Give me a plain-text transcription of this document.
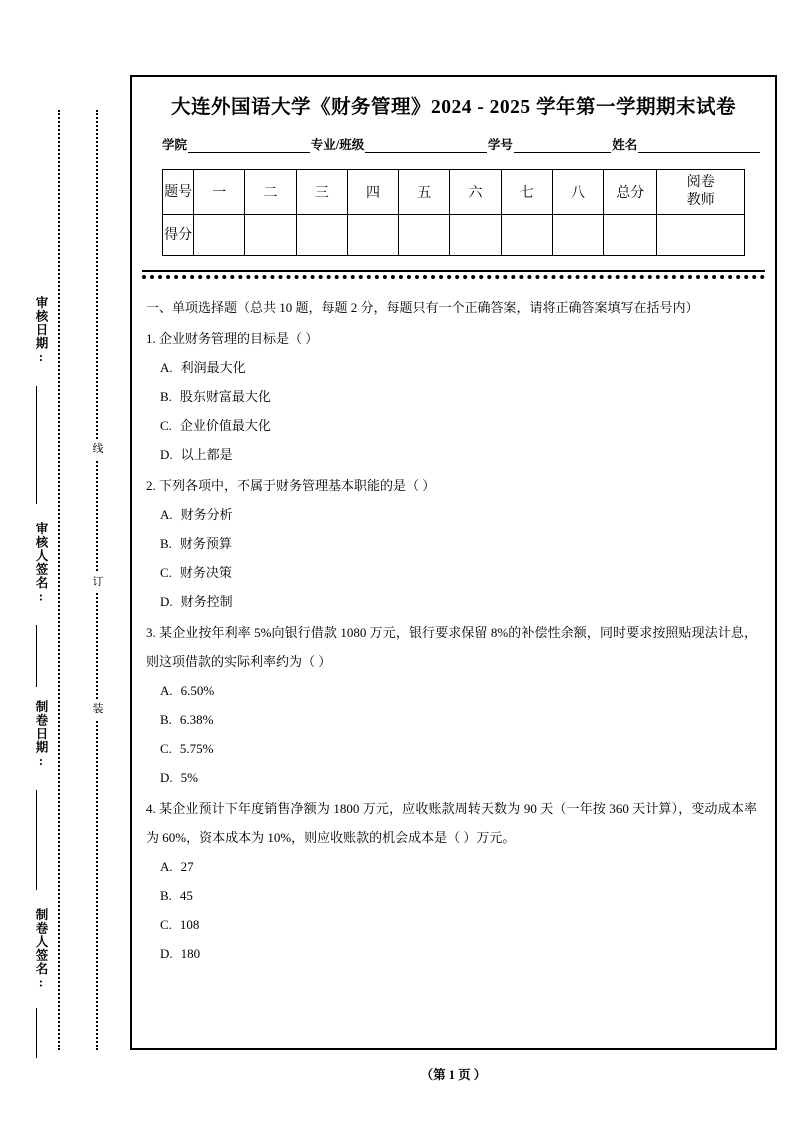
线
订
装
审核日期:
审核人签名:
制卷日期:
制卷人签名:
大连外国语大学《财务管理》2024 - 2025 学年第一学期期末试卷
学院	专业/班级	学号	姓名
题号	一	二	三	四	五	六	七	八	总分	阅卷
教师

得分										
一、单项选择题（总共 10 题，每题 2 分，每题只有一个正确答案，请将正确答案填写在括号内）
1. 企业财务管理的目标是（ ）
A. 利润最大化
B. 股东财富最大化
C. 企业价值最大化
D. 以上都是
2. 下列各项中，不属于财务管理基本职能的是（ ）
A. 财务分析
B. 财务预算
C. 财务决策
D. 财务控制
3. 某企业按年利率 5%向银行借款 1080 万元，银行要求保留 8%的补偿性余额，同时要求按照贴现法计息，则这项借款的实际利率约为（ ）
A. 6.50%
B. 6.38%
C. 5.75%
D. 5%
4. 某企业预计下年度销售净额为 1800 万元，应收账款周转天数为 90 天（一年按 360 天计算），变动成本率为 60%，资本成本为 10%，则应收账款的机会成本是（ ）万元。
A. 27
B. 45
C. 108
D. 180
（第 1 页 ）
